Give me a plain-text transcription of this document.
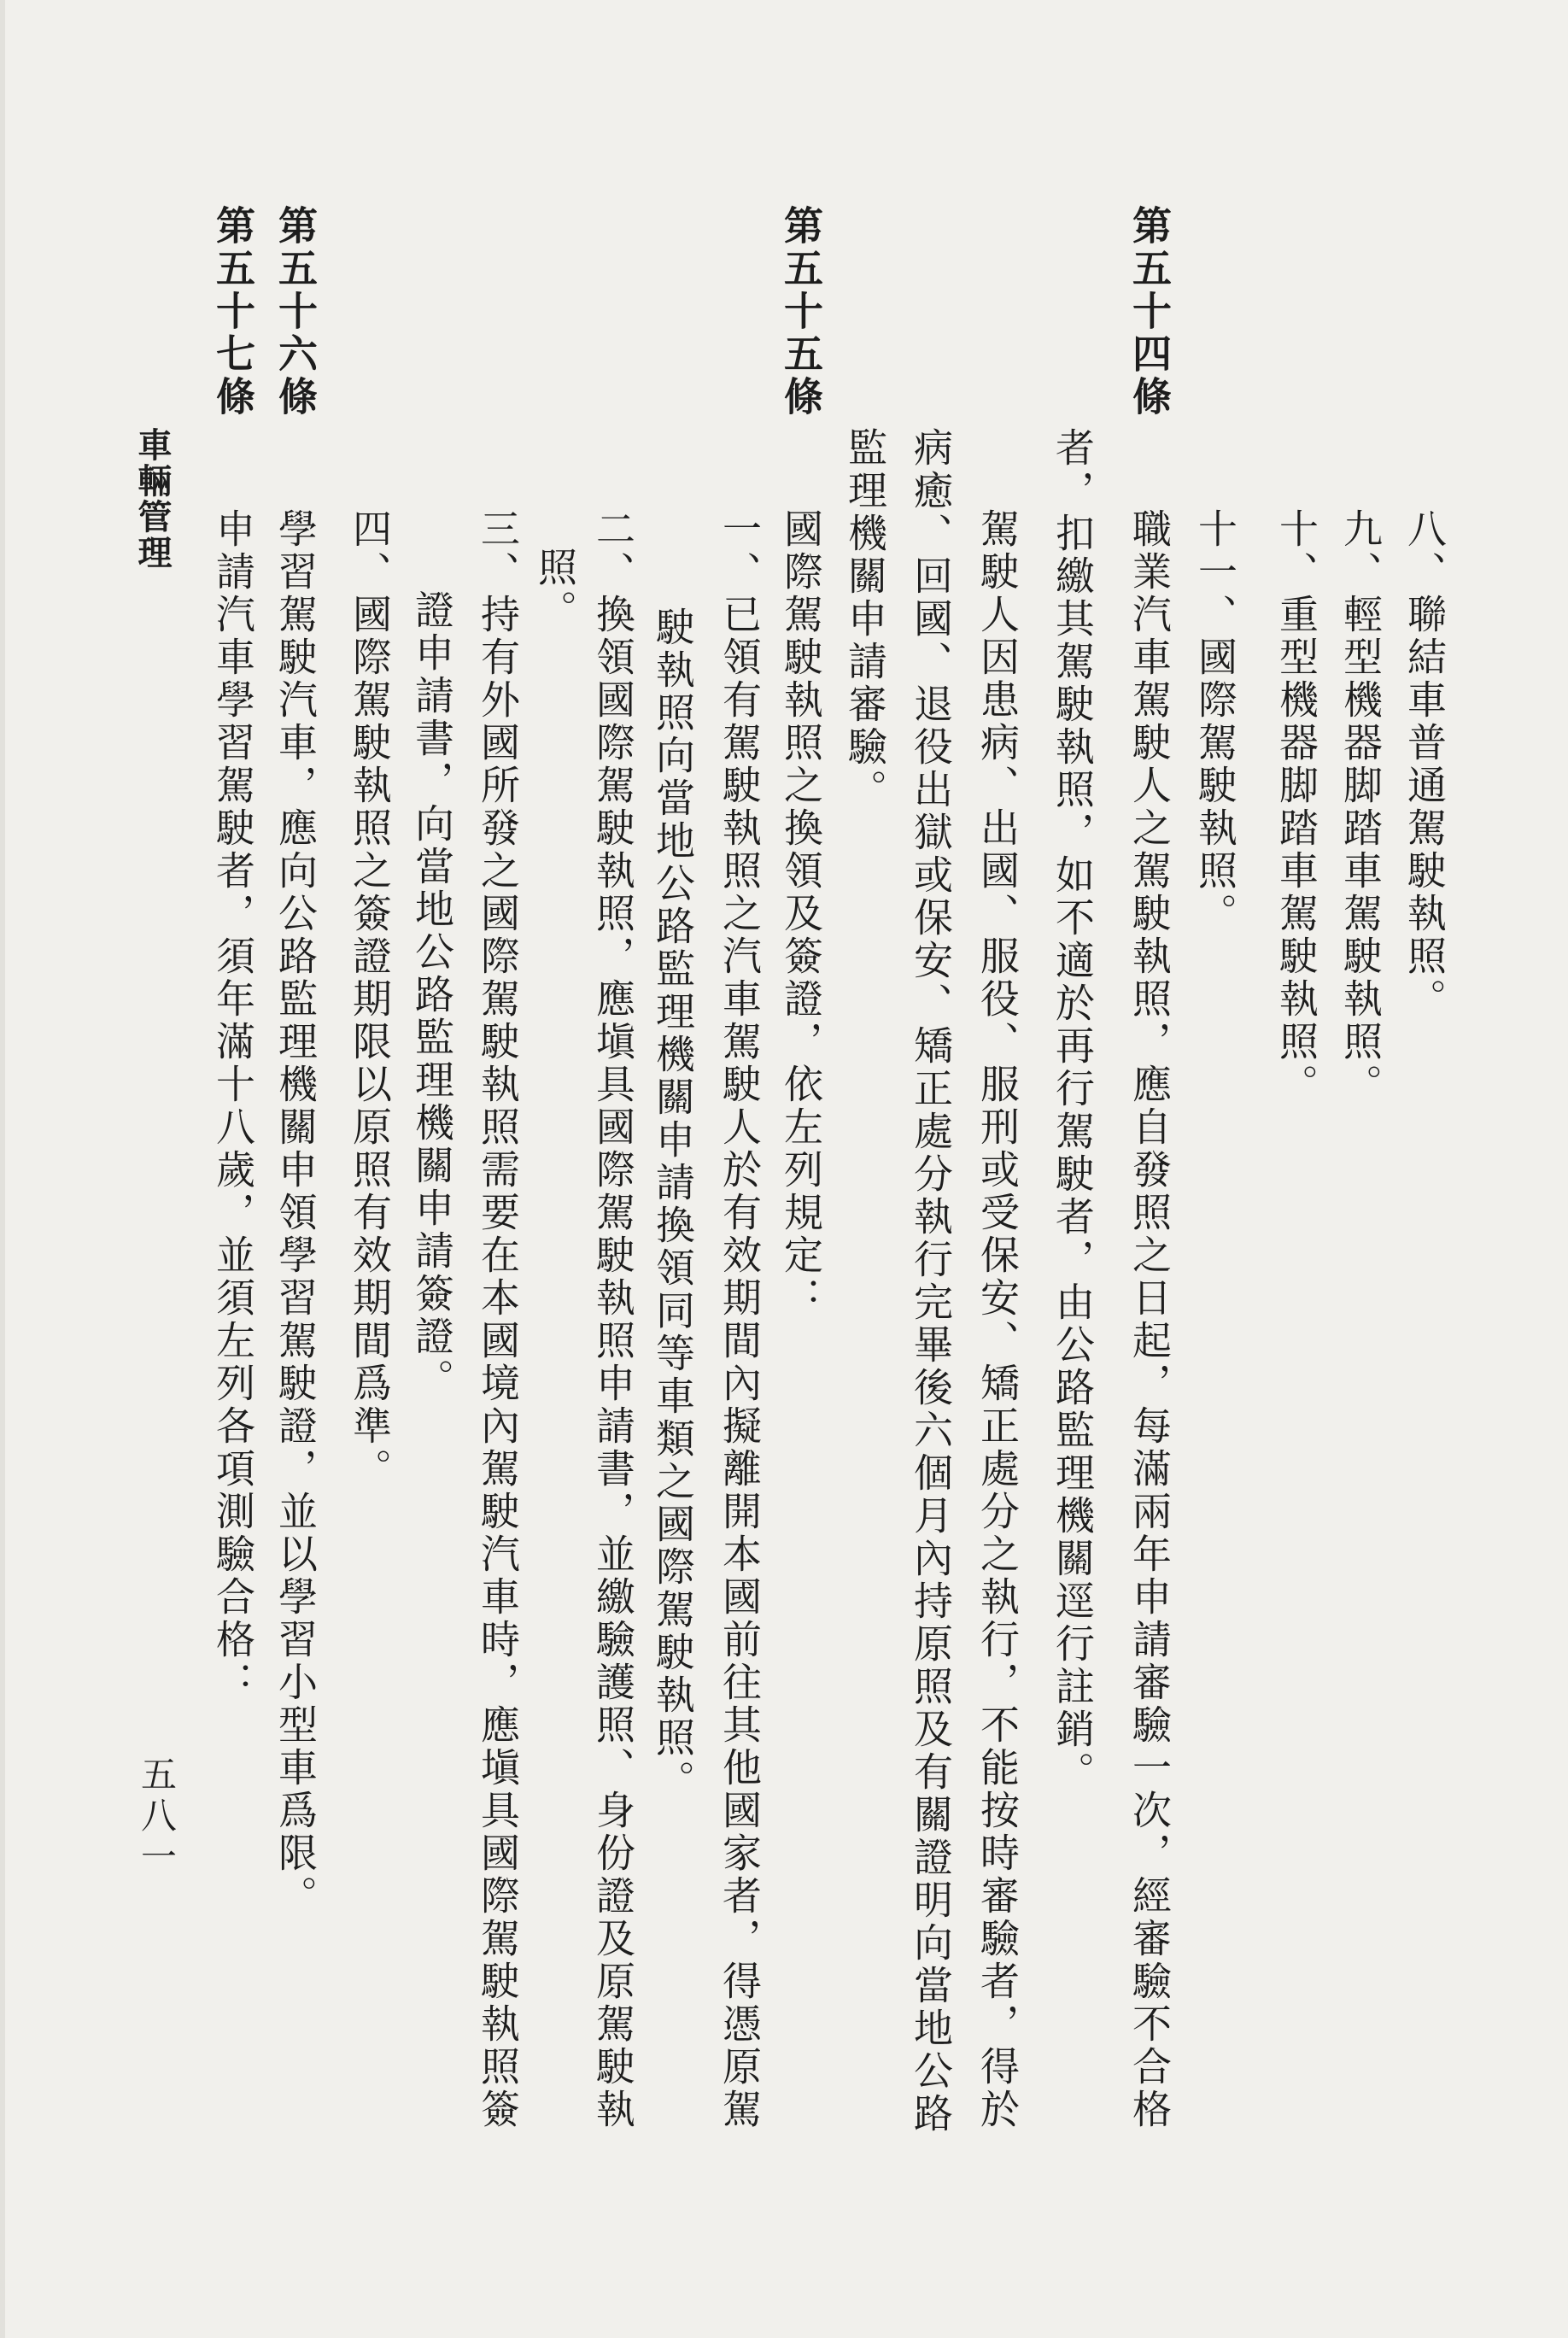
八、聯結車普通駕駛執照。
九、輕型機器脚踏車駕駛執照。
十、重型機器脚踏車駕駛執照。
十一、國際駕駛執照。
第五十四條
職業汽車駕駛人之駕駛執照，應自發照之日起，每滿兩年申請審驗一次，經審驗不合格
者，扣繳其駕駛執照，如不適於再行駕駛者，由公路監理機關逕行註銷。
駕駛人因患病、出國、服役、服刑或受保安、矯正處分之執行，不能按時審驗者，得於
病癒、回國、退役出獄或保安、矯正處分執行完畢後六個月內持原照及有關證明向當地公路
監理機關申請審驗。
第五十五條
國際駕駛執照之換領及簽證，依左列規定：
一、已領有駕駛執照之汽車駕駛人於有效期間內擬離開本國前往其他國家者，得憑原駕
駛執照向當地公路監理機關申請換領同等車類之國際駕駛執照。
二、換領國際駕駛執照，應塡具國際駕駛執照申請書，並繳驗護照、身份證及原駕駛執
照。
三、持有外國所發之國際駕駛執照需要在本國境內駕駛汽車時，應塡具國際駕駛執照簽
證申請書，向當地公路監理機關申請簽證。
四、國際駕駛執照之簽證期限以原照有效期間爲準。
第五十六條
學習駕駛汽車，應向公路監理機關申領學習駕駛證，並以學習小型車爲限。
第五十七條
申請汽車學習駕駛者，須年滿十八歲，並須左列各項測驗合格：
車輛管理
五八一
